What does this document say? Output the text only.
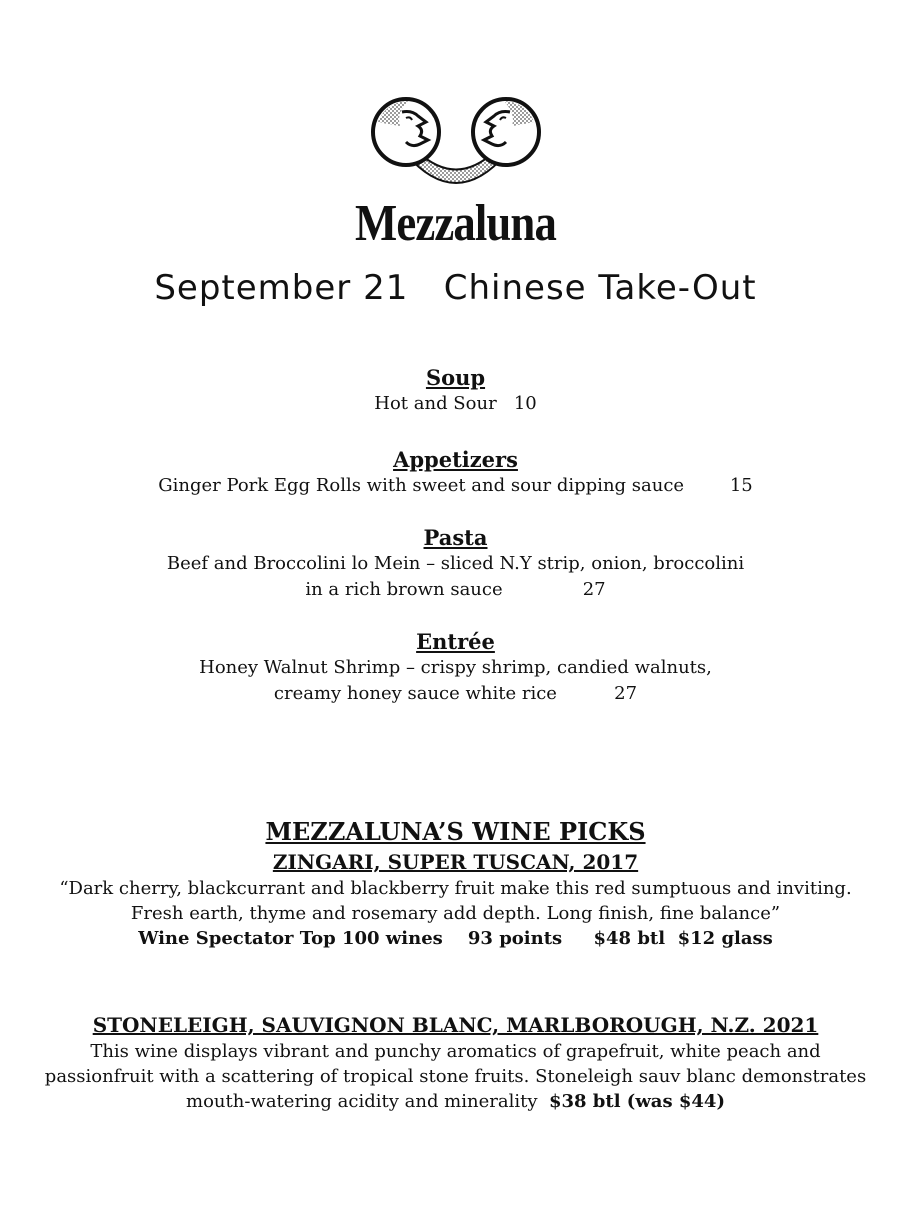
Mezzaluna
September 21   Chinese Take-Out

Soup

Hot and Sour   10

Appetizers

Ginger Pork Egg Rolls with sweet and sour dipping sauce        15

Pasta

Beef and Broccolini lo Mein – sliced N.Y strip, onion, broccolini

in a rich brown sauce              27

Entrée

Honey Walnut Shrimp – crispy shrimp, candied walnuts,

creamy honey sauce white rice          27

MEZZALUNA’S WINE PICKS

ZINGARI, SUPER TUSCAN, 2017

“Dark cherry, blackcurrant and blackberry fruit make this red sumptuous and inviting.

Fresh earth, thyme and rosemary add depth. Long finish, fine balance”

Wine Spectator Top 100 wines    93 points     $48 btl  $12 glass

STONELEIGH, SAUVIGNON BLANC, MARLBOROUGH, N.Z. 2021

This wine displays vibrant and punchy aromatics of grapefruit, white peach and

passionfruit with a scattering of tropical stone fruits. Stoneleigh sauv blanc demonstrates

mouth-watering acidity and minerality  $38 btl (was $44)
